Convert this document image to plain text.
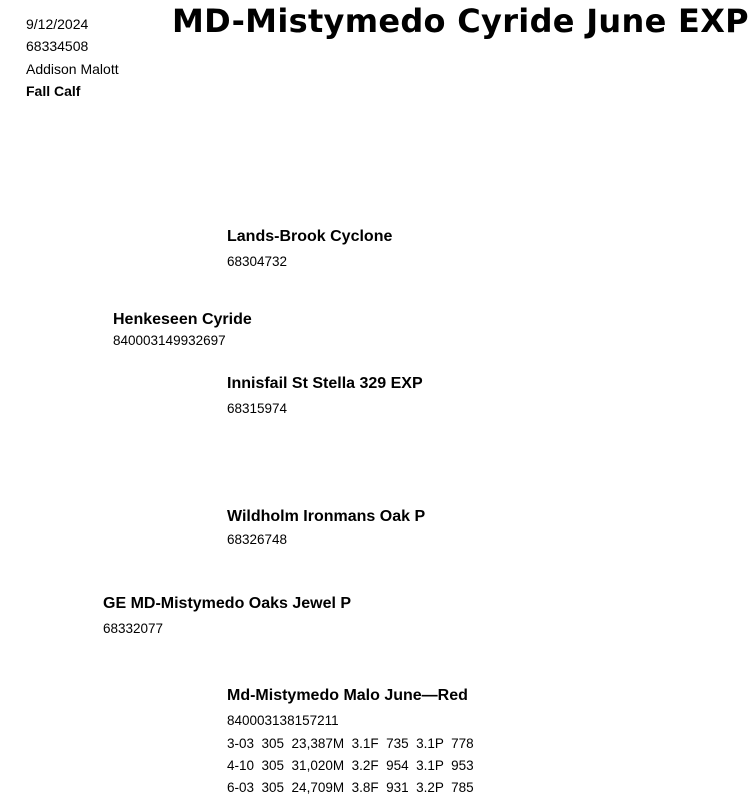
9/12/2024
68334508
Addison Malott
Fall Calf
MD-Mistymedo Cyride June EXP
Lands-Brook Cyclone
68304732
Henkeseen Cyride
840003149932697
Innisfail St Stella 329 EXP
68315974
Wildholm Ironmans Oak P
68326748
GE MD-Mistymedo Oaks Jewel P
68332077
Md-Mistymedo Malo June—Red
840003138157211
3-03  305  23,387M  3.1F  735  3.1P  778
4-10  305  31,020M  3.2F  954  3.1P  953
6-03  305  24,709M  3.8F  931  3.2P  785
